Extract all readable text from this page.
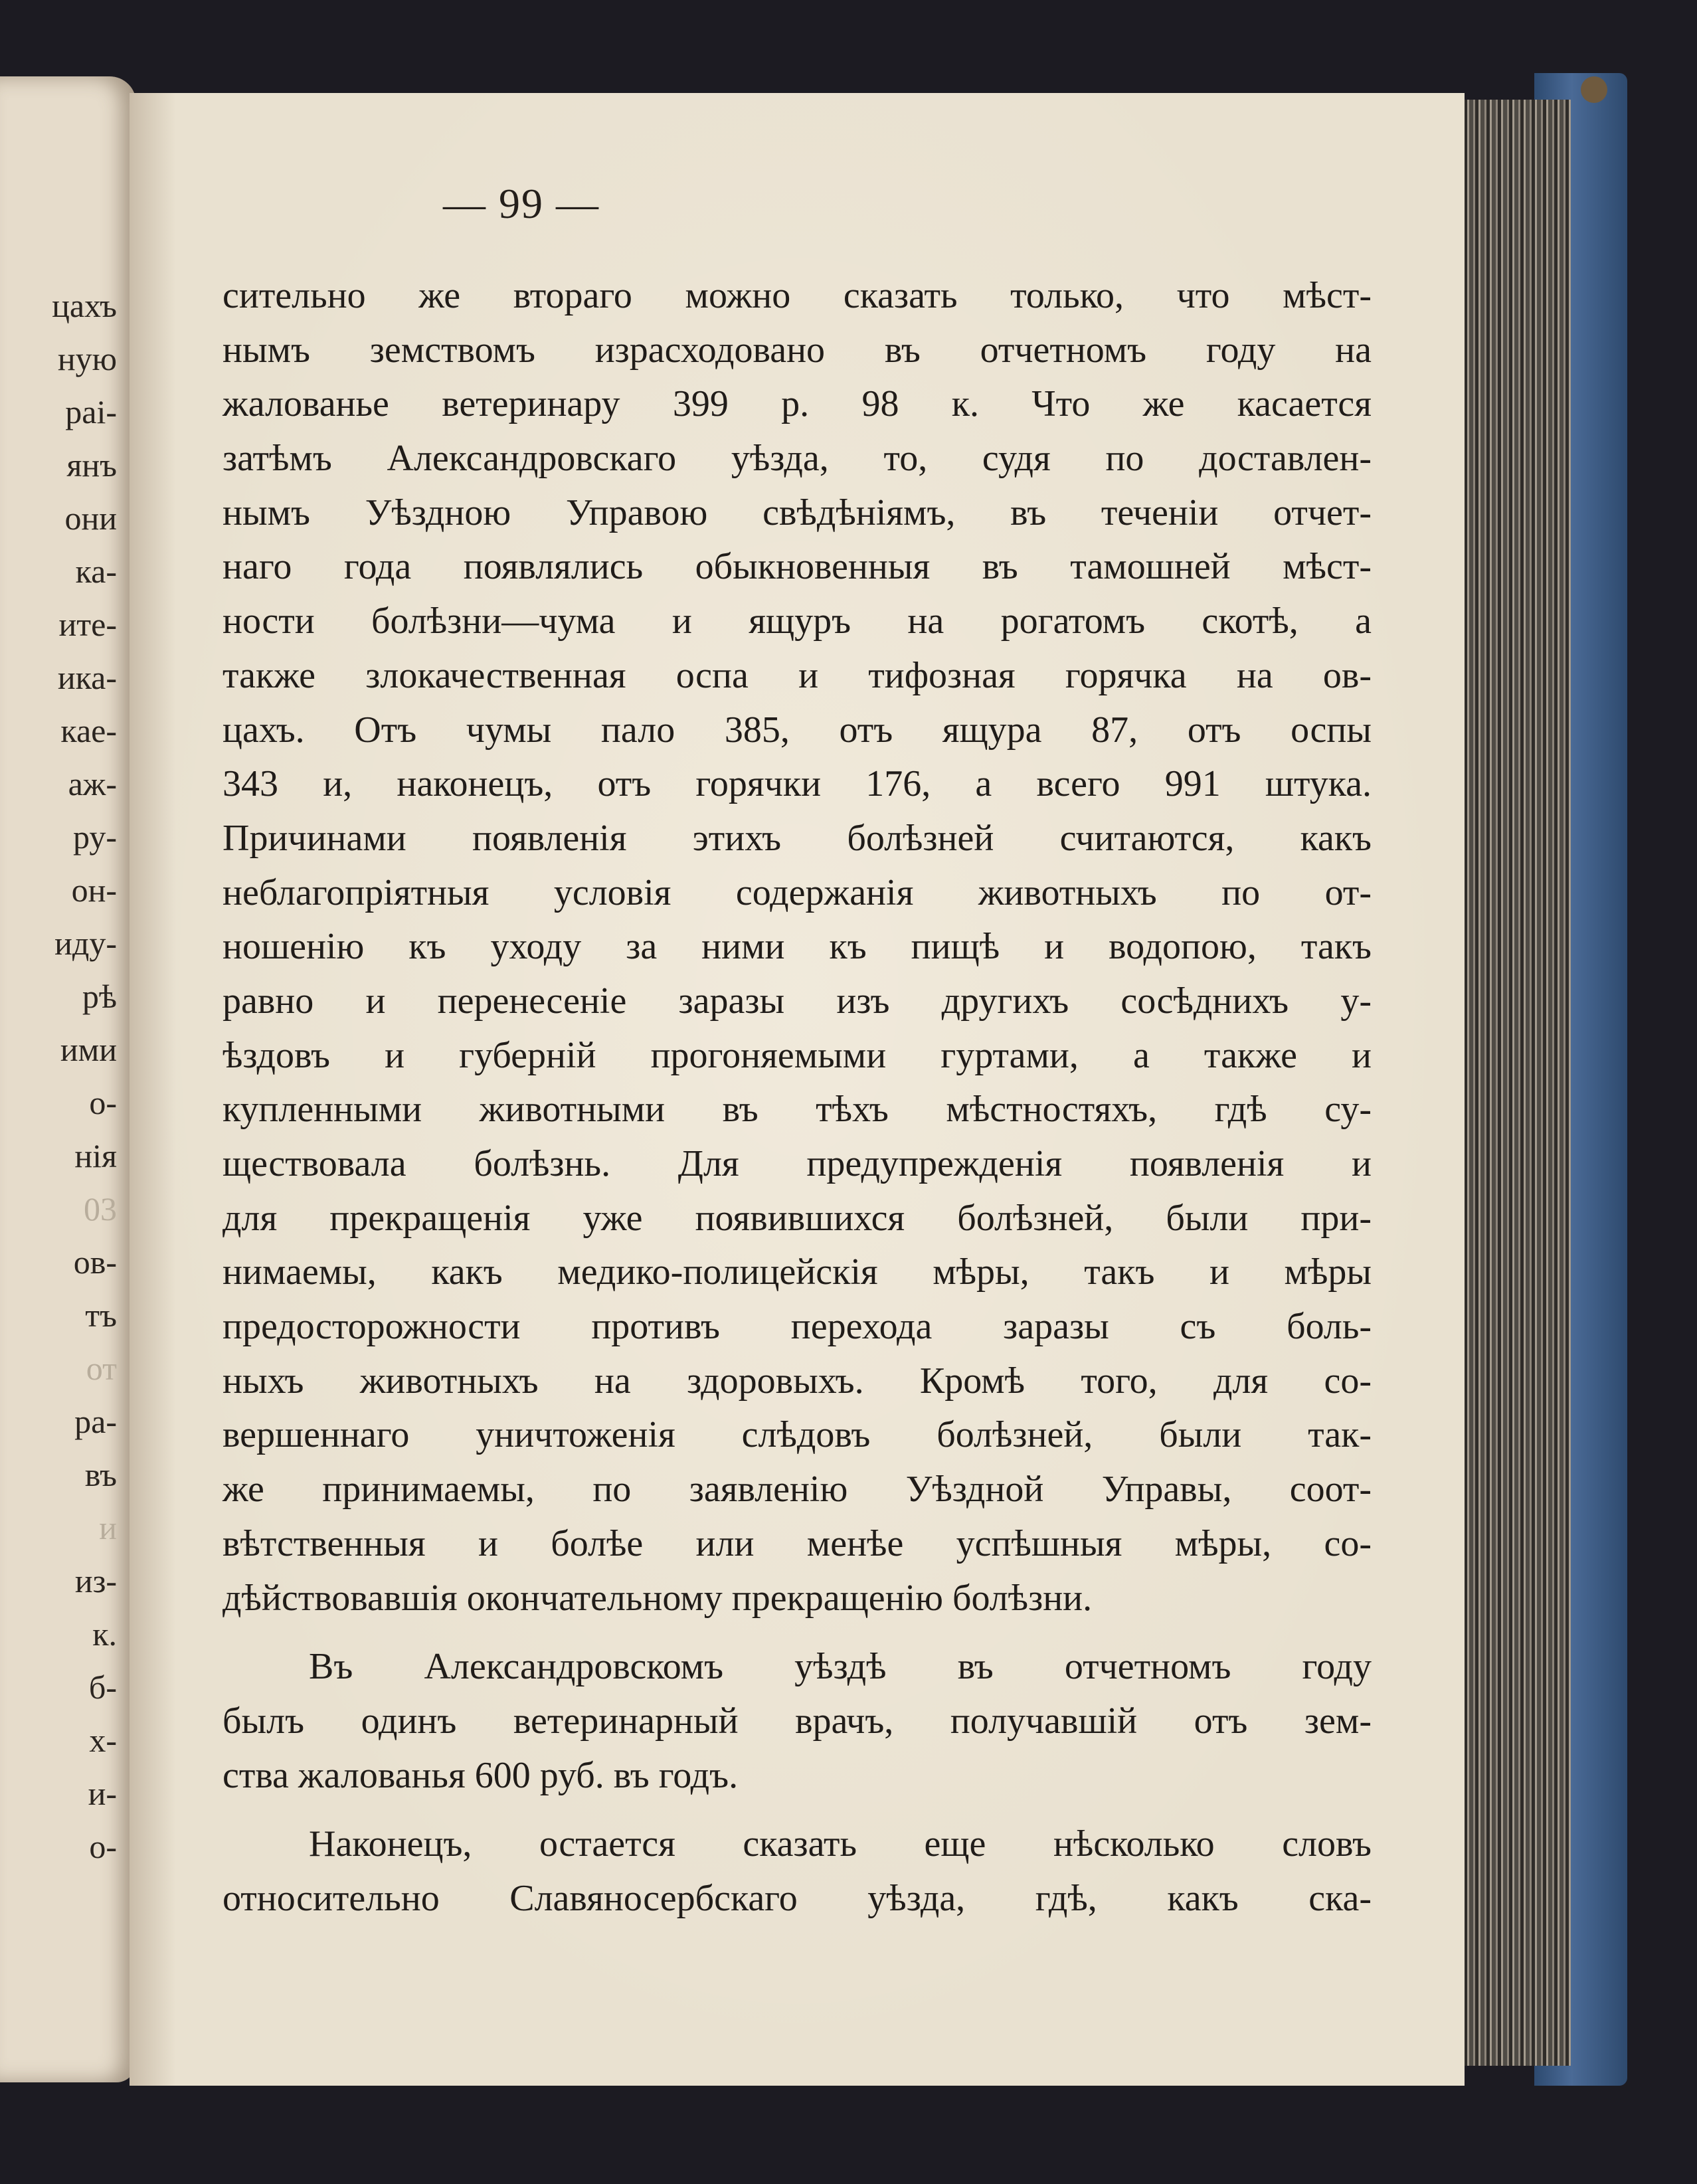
цахъ
ную
раі-
янъ
они
ка-
ите-
ика-
кае-
аж-
ру-
он-
иду-
рѣ
ими
о-
нія
03
ов-
тъ
от
ра-
въ
и
из-
к.
б-
х-
и-
о-
— 99 —
сительно же втораго можно сказать только, что мѣст-
нымъ земствомъ израсходовано въ отчетномъ году на
жалованье ветеринару 399 р. 98 к. Что же касается
затѣмъ Александровскаго уѣзда, то, судя по доставлен-
нымъ Уѣздною Управою свѣдѣніямъ, въ теченіи отчет-
наго года появлялись обыкновенныя въ тамошней мѣст-
ности болѣзни—чума и ящуръ на рогатомъ скотѣ, а
также злокачественная оспа и тифозная горячка на ов-
цахъ. Отъ чумы пало 385, отъ ящура 87, отъ оспы
343 и, наконецъ, отъ горячки 176, а всего 991 штука.
Причинами появленія этихъ болѣзней считаются, какъ
неблагопріятныя условія содержанія животныхъ по от-
ношенію къ уходу за ними къ пищѣ и водопою, такъ
равно и перенесеніе заразы изъ другихъ сосѣднихъ у-
ѣздовъ и губерній прогоняемыми гуртами, а также и
купленными животными въ тѣхъ мѣстностяхъ, гдѣ су-
ществовала болѣзнь. Для предупрежденія появленія и
для прекращенія уже появившихся болѣзней, были при-
нимаемы, какъ медико-полицейскія мѣры, такъ и мѣры
предосторожности противъ перехода заразы съ боль-
ныхъ животныхъ на здоровыхъ. Кромѣ того, для со-
вершеннаго уничтоженія слѣдовъ болѣзней, были так-
же принимаемы, по заявленію Уѣздной Управы, соот-
вѣтственныя и болѣе или менѣе успѣшныя мѣры, со-
дѣйствовавшія окончательному прекращенію болѣзни.
Въ Александровскомъ уѣздѣ въ отчетномъ году
былъ одинъ ветеринарный врачъ, получавшій отъ зем-
ства жалованья 600 руб. въ годъ.
Наконецъ, остается сказать еще нѣсколько словъ
относительно Славяносербскаго уѣзда, гдѣ, какъ ска-
